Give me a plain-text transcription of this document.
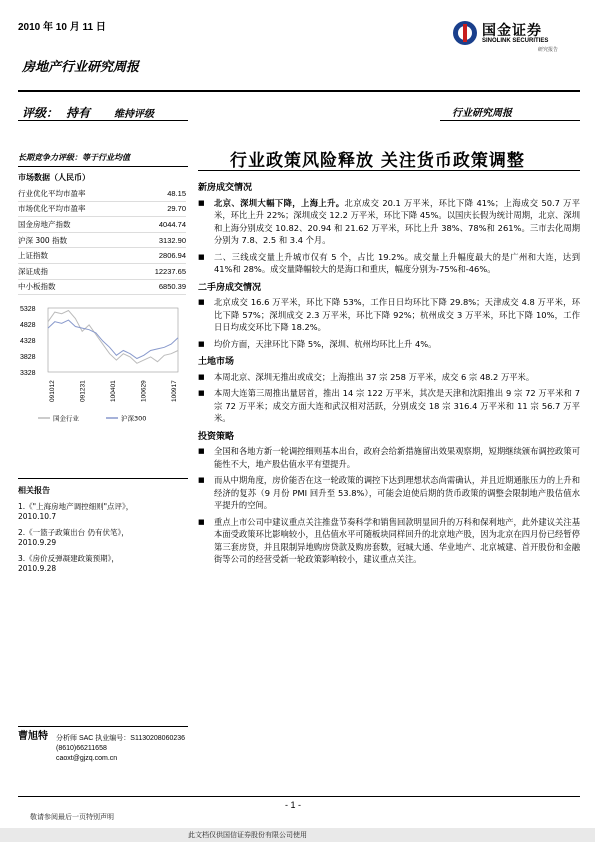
2010 年 10 月 11 日	国金证券
SINOLINK SECURITIES
研究报告
房地产行业研究周报
评级： 持有 维持评级	行业研究周报
长期竞争力评级：等于行业均值
市场数据（人民币）
行业优化平均市盈率	48.15
市场优化平均市盈率	29.70
国金房地产指数	4044.74
沪深 300 指数	3132.90
上证指数	2806.94
深证成指	12237.65
中小板指数	6850.39
5328
4828
4328
3828
3328
091012	091231	100401	100629	100917
国金行业	沪深300
相关报告
1.《"上海房地产调控细则"点评》，
2010.10.7
2.《一篮子政策出台 仍有伏笔》，
2010.9.29
3.《房价反弹凝建政策预期》，
2010.9.28
行业政策风险释放 关注货币政策调整
新房成交情况
■ 北京、深圳大幅下降，上海上升。北京成交 20.1 万平米，环比下降 41%；上海成交 50.7 万平米，环比上升 22%；深圳成交 12.2 万平米，环比下降 45%。以国庆长假为统计周期，北京、深圳和上海分别成交 10.82、20.94 和 21.62 万平米，环比上升 38%、78%和 261%。三市去化周期分别为 7.8、2.5 和 3.4 个月。
■ 二、三线成交量上升城市仅有 5 个，占比 19.2%。成交量上升幅度最大的是广州和大连，达到 41%和 28%。成交量降幅较大的是海口和重庆，幅度分别为-75%和-46%。
二手房成交情况
■ 北京成交 16.6 万平米，环比下降 53%，工作日日均环比下降 29.8%；天津成交 4.8 万平米，环比下降 57%；深圳成交 2.3 万平米，环比下降 92%；杭州成交 3 万平米，环比下降 10%，工作日日均成交环比下降 18.2%。
■ 均价方面，天津环比下降 5%，深圳、杭州均环比上升 4%。
土地市场
■ 本周北京、深圳无推出或成交；上海推出 37 宗 258 万平米，成交 6 宗 48.2 万平米。
■ 本周大连第三周推出量居首，推出 14 宗 122 万平米，其次是天津和沈阳推出 9 宗 72 万平米和 7 宗 72 万平米；成交方面大连和武汉相对活跃，分别成交 18 宗 316.4 万平米和 11 宗 56.7 万平米。
投资策略
■ 全国和各地方新一轮调控细则基本出台，政府会给新措施留出效果观察期，短期继续颁布调控政策可能性不大，地产股估值水平有望提升。
■ 而从中期角度，房价能否在这一轮政策的调控下达到理想状态尚需确认，并且近期通胀压力的上升和经济的复苏（9 月份 PMI 回升至 53.8%），可能会迫使后期的货币政策的调整会限制地产股估值水平提升的空间。
■ 重点上市公司中建议重点关注推盘节奏科学和销售回款明显回升的万科和保利地产，此外建议关注基本面受政策环比影响较小，且估值水平可随板块同样回升的北京地产股，因为北京在四月份已经暂停第三套房贷，并且限制异地购房贷款及购房套数，冠城大通、华业地产、北京城建、首开股份和金融街等公司的经营受新一轮政策影响较小，建议重点关注。
曹旭特 分析师 SAC 执业编号：S1130208060236
(8610)66211658
caoxt@gjzq.com.cn
- 1 -
敬请参阅最后一页特别声明
此文档仅供国信证券股份有限公司使用
